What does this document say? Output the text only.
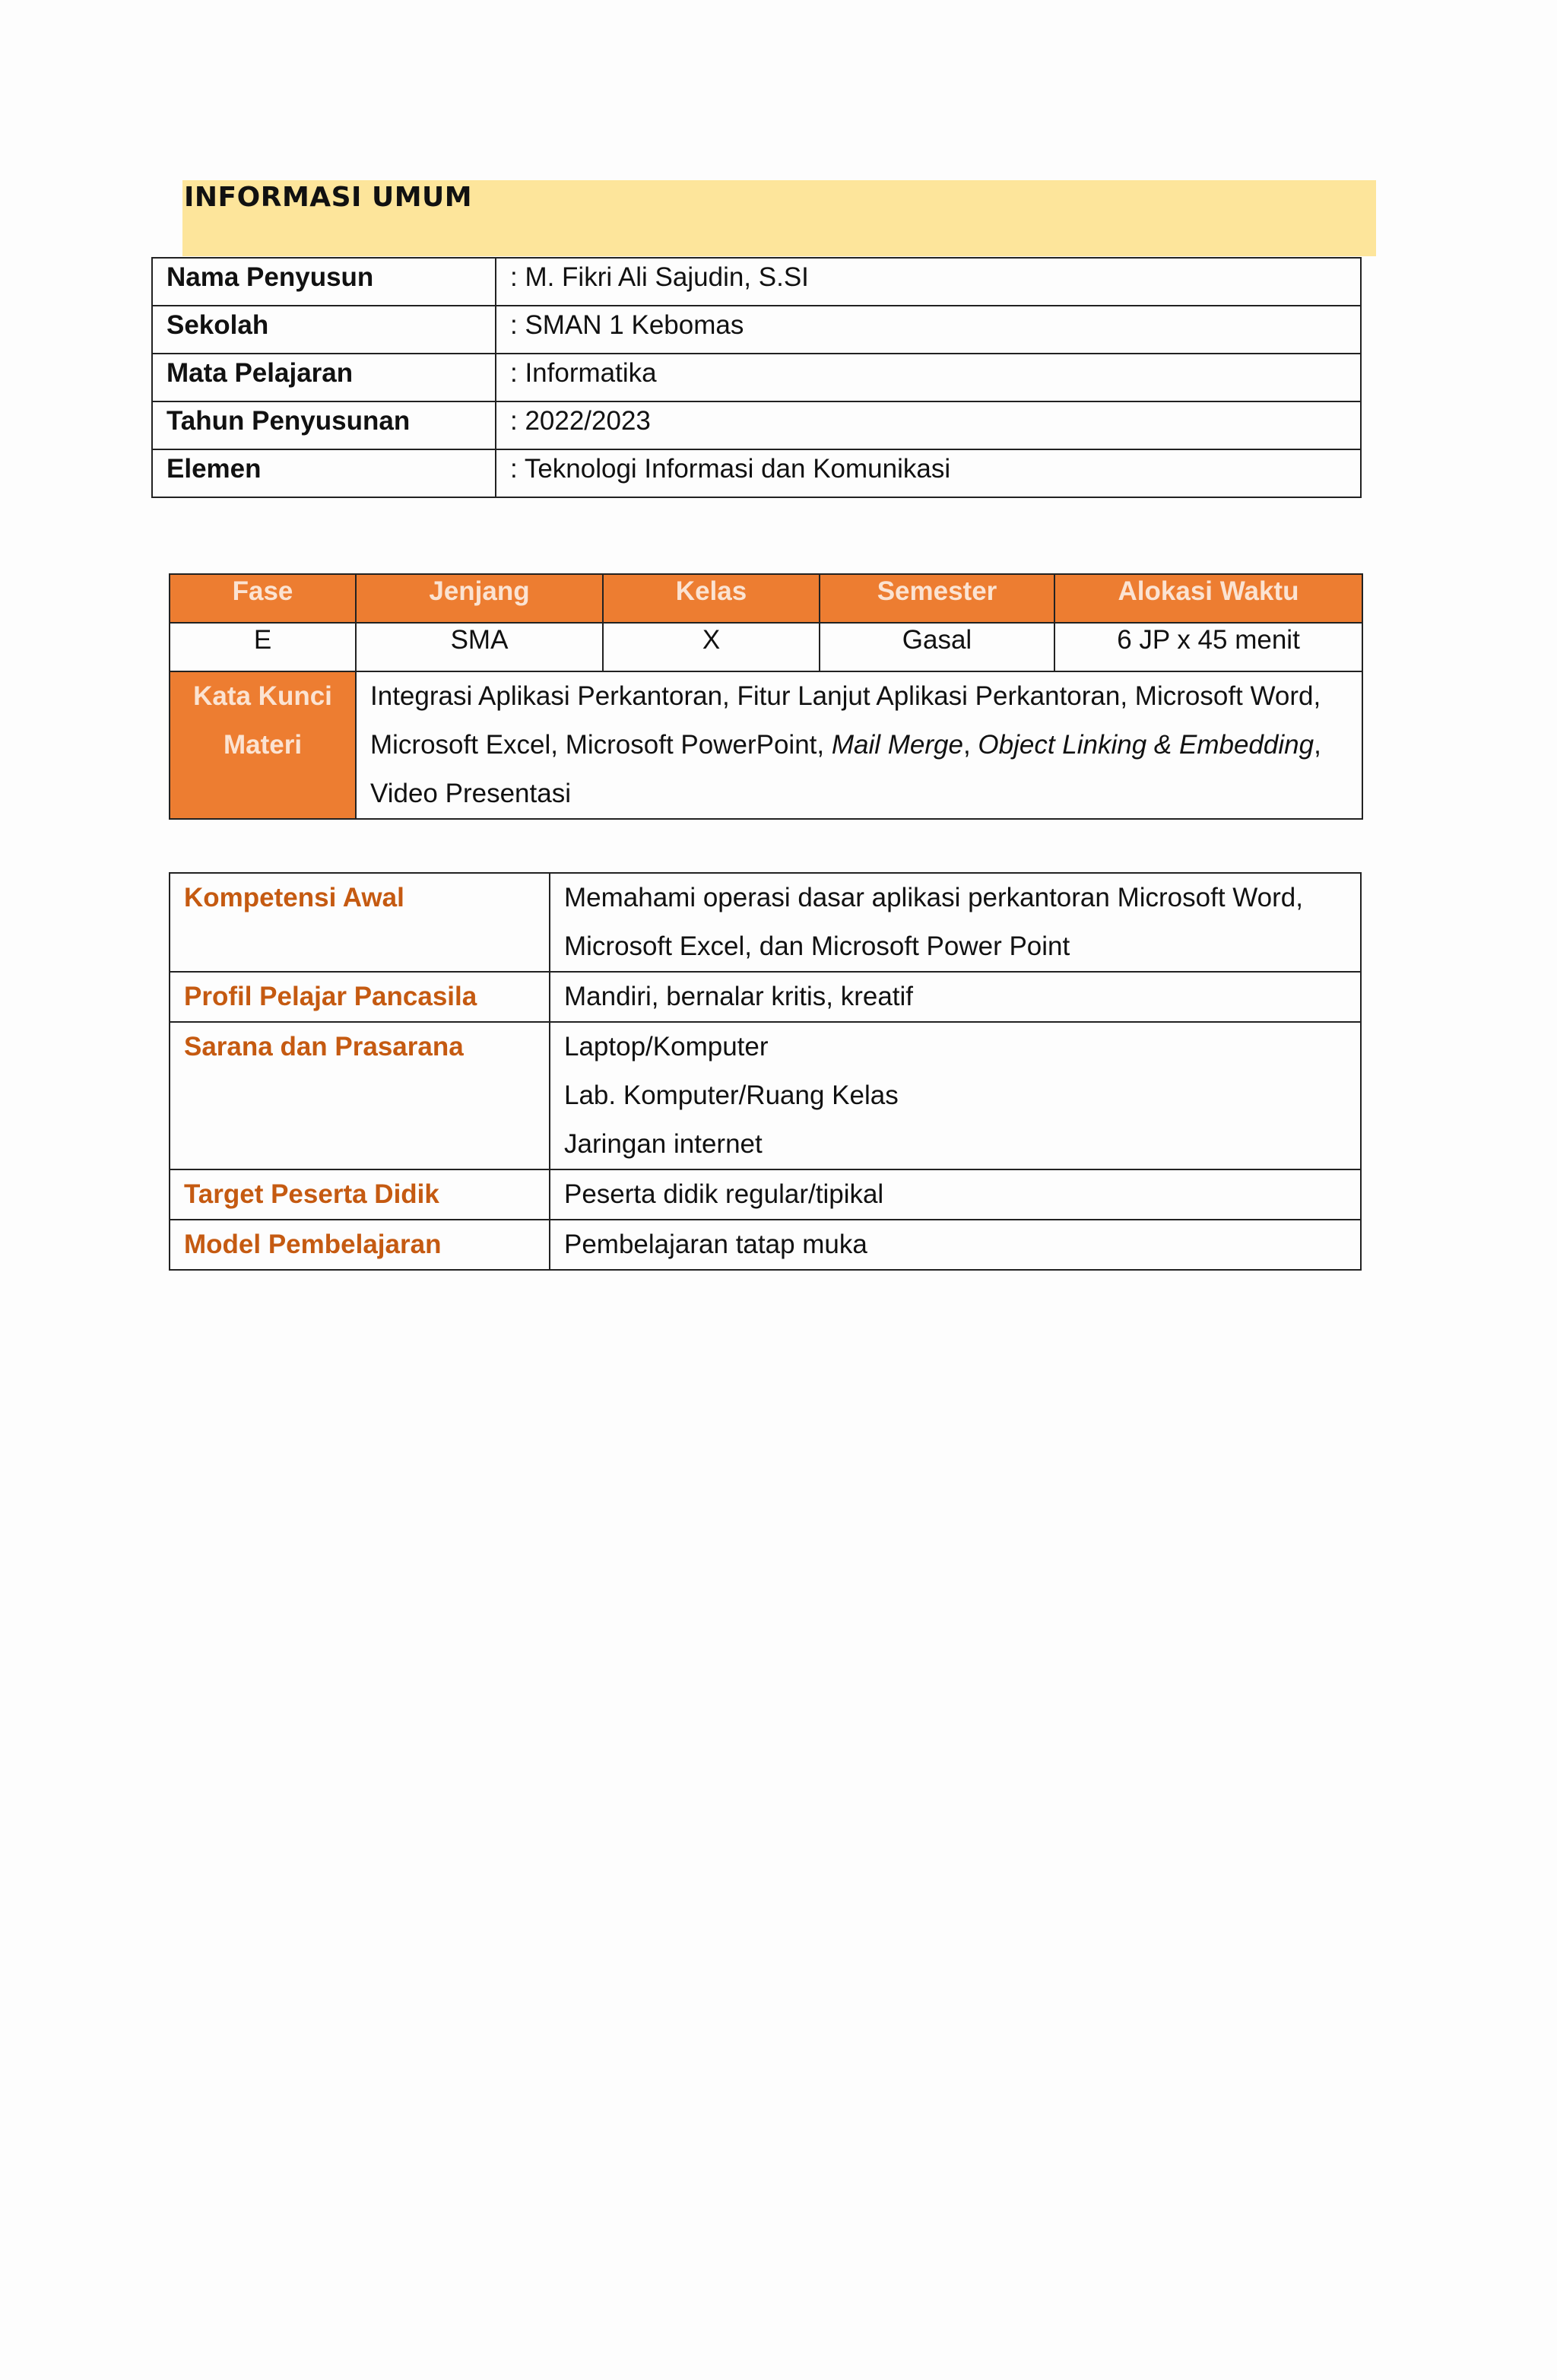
INFORMASI UMUM
Nama Penyusun	: M. Fikri Ali Sajudin, S.SI
Sekolah	: SMAN 1 Kebomas
Mata Pelajaran	: Informatika
Tahun Penyusunan	: 2022/2023
Elemen	: Teknologi Informasi dan Komunikasi
Fase	Jenjang	Kelas	Semester	Alokasi Waktu
E	SMA	X	Gasal	6 JP x 45 menit

Kata Kunci
Materi	Integrasi Aplikasi Perkantoran, Fitur Lanjut Aplikasi Perkantoran, Microsoft Word, Microsoft Excel, Microsoft PowerPoint, Mail Merge, Object Linking & Embedding, Video Presentasi			
Kompetensi Awal	Memahami operasi dasar aplikasi perkantoran Microsoft Word,
Microsoft Excel, dan Microsoft Power Point

Profil Pelajar Pancasila	Mandiri, bernalar kritis, kreatif

Sarana dan Prasarana	Laptop/Komputer
Lab. Komputer/Ruang Kelas
Jaringan internet

Target Peserta Didik	Peserta didik regular/tipikal

Model Pembelajaran	Pembelajaran tatap muka
